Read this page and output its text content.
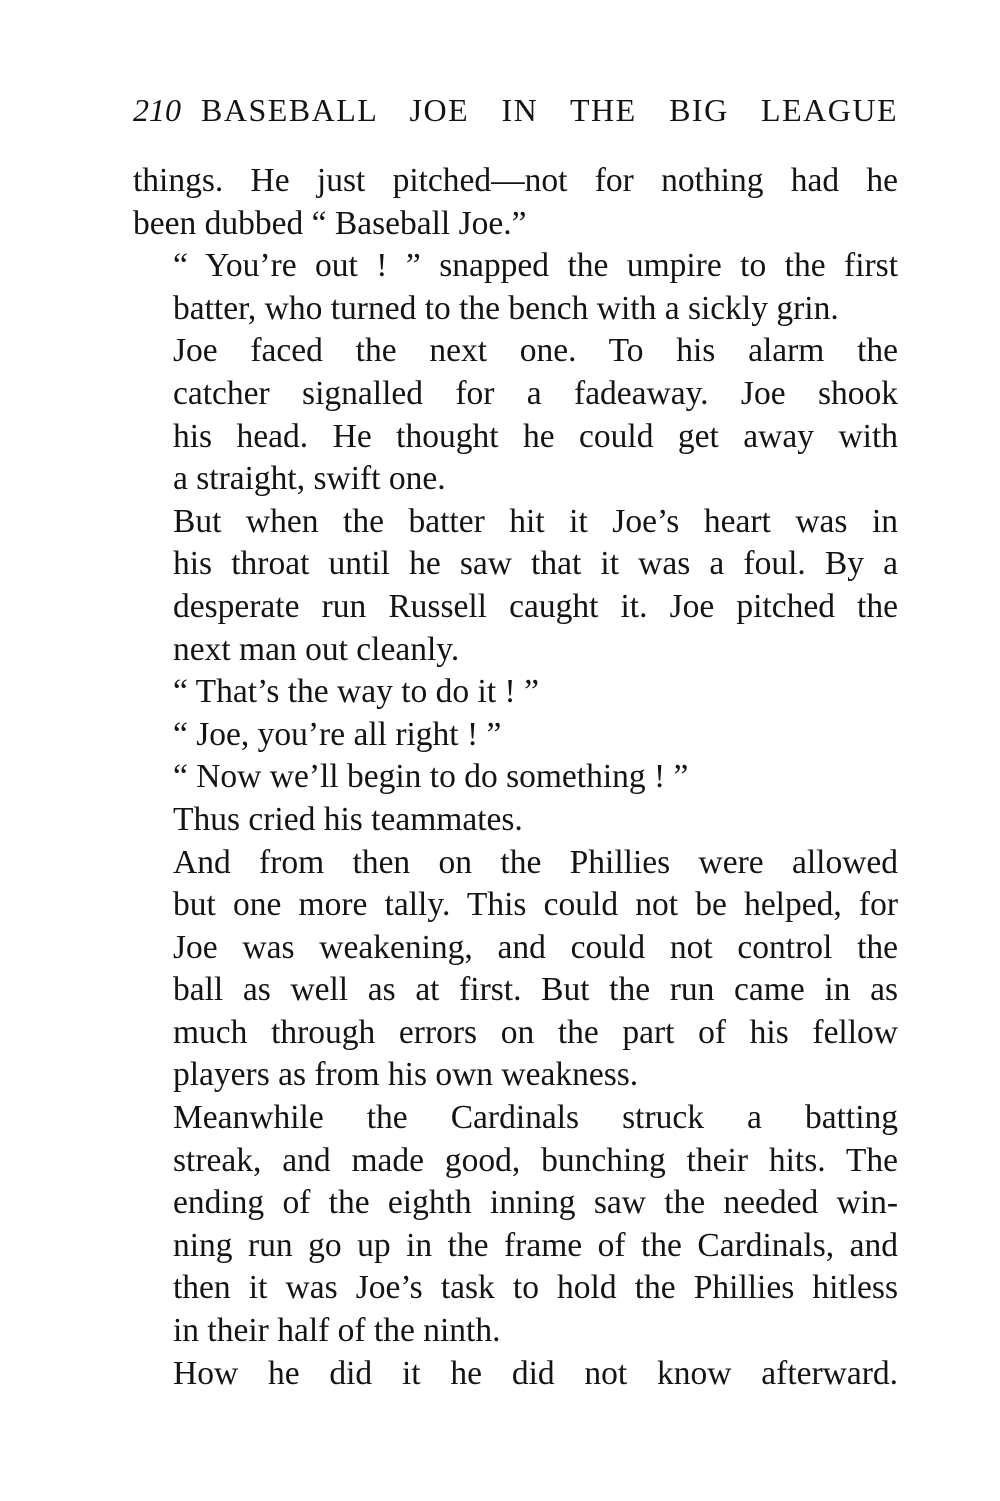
210 BASEBALL JOE IN THE BIG LEAGUE

things. He just pitched—not for nothing had he
been dubbed “ Baseball Joe.”

“ You’re out ! ” snapped the umpire to the first
batter, who turned to the bench with a sickly grin.

Joe faced the next one. To his alarm the
catcher signalled for a fadeaway. Joe shook
his head. He thought he could get away with
a straight, swift one.

But when the batter hit it Joe’s heart was in
his throat until he saw that it was a foul. By a
desperate run Russell caught it. Joe pitched the
next man out cleanly.

“ That’s the way to do it ! ”

“ Joe, you’re all right ! ”

“ Now we’ll begin to do something ! ”

Thus cried his teammates.

And from then on the Phillies were allowed
but one more tally. This could not be helped, for
Joe was weakening, and could not control the
ball as well as at first. But the run came in as
much through errors on the part of his fellow
players as from his own weakness.

Meanwhile the Cardinals struck a batting
streak, and made good, bunching their hits. The
ending of the eighth inning saw the needed win-
ning run go up in the frame of the Cardinals, and
then it was Joe’s task to hold the Phillies hitless
in their half of the ninth.

How he did it he did not know afterward.
